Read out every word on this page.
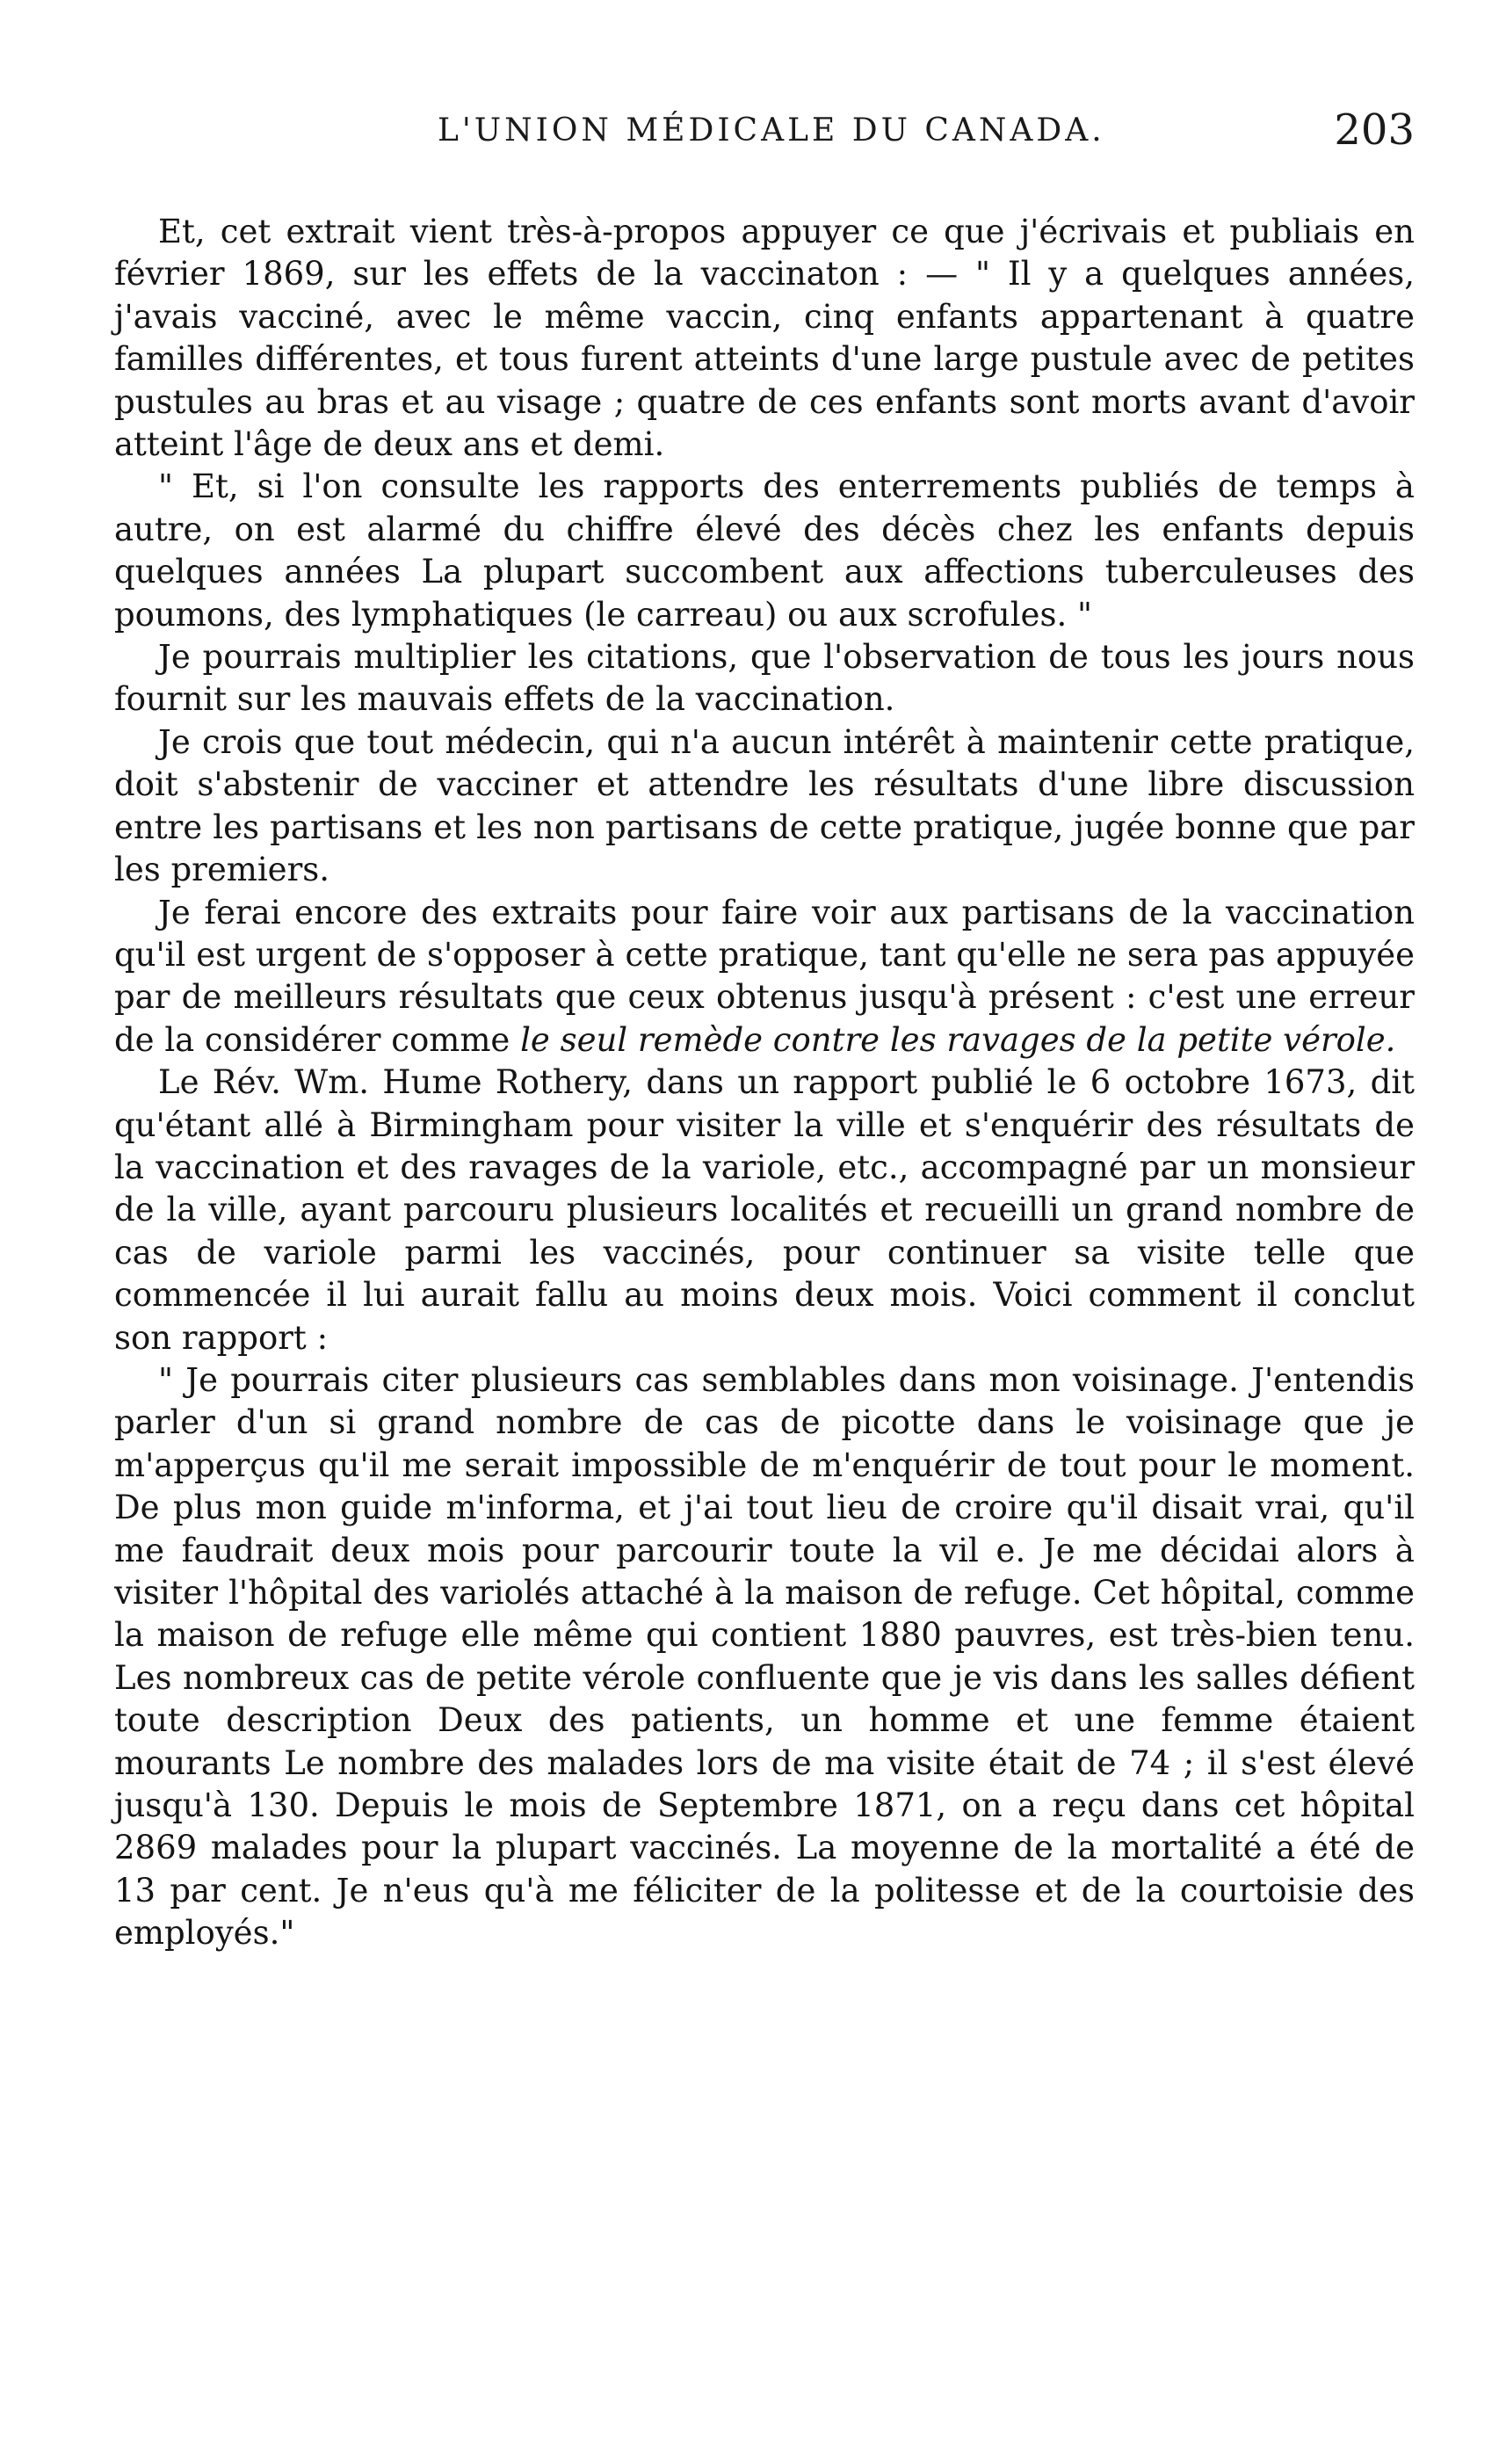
L'UNION MÉDICALE DU CANADA.	203

Et, cet extrait vient très-à-propos appuyer ce que j'écrivais et publiais en février 1869, sur les effets de la vaccinaton : — " Il y a quelques années, j'avais vacciné, avec le même vaccin, cinq enfants appartenant à quatre familles différentes, et tous furent atteints d'une large pustule avec de petites pustules au bras et au visage ; quatre de ces enfants sont morts avant d'avoir atteint l'âge de deux ans et demi.

" Et, si l'on consulte les rapports des enterrements publiés de temps à autre, on est alarmé du chiffre élevé des décès chez les enfants depuis quelques années La plupart succombent aux affections tuberculeuses des poumons, des lymphatiques (le carreau) ou aux scrofules. "

Je pourrais multiplier les citations, que l'observation de tous les jours nous fournit sur les mauvais effets de la vaccination.

Je crois que tout médecin, qui n'a aucun intérêt à maintenir cette pratique, doit s'abstenir de vacciner et attendre les résultats d'une libre discussion entre les partisans et les non partisans de cette pratique, jugée bonne que par les premiers.

Je ferai encore des extraits pour faire voir aux partisans de la vaccination qu'il est urgent de s'opposer à cette pratique, tant qu'elle ne sera pas appuyée par de meilleurs résultats que ceux obtenus jusqu'à présent : c'est une erreur de la considérer comme le seul remède contre les ravages de la petite vérole.

Le Rév. Wm. Hume Rothery, dans un rapport publié le 6 octobre 1673, dit qu'étant allé à Birmingham pour visiter la ville et s'enquérir des résultats de la vaccination et des ravages de la variole, etc., accompagné par un monsieur de la ville, ayant parcouru plusieurs localités et recueilli un grand nombre de cas de variole parmi les vaccinés, pour continuer sa visite telle que commencée il lui aurait fallu au moins deux mois. Voici comment il conclut son rapport :

" Je pourrais citer plusieurs cas semblables dans mon voisinage. J'entendis parler d'un si grand nombre de cas de picotte dans le voisinage que je m'apperçus qu'il me serait impossible de m'enquérir de tout pour le moment. De plus mon guide m'informa, et j'ai tout lieu de croire qu'il disait vrai, qu'il me faudrait deux mois pour parcourir toute la vil e. Je me décidai alors à visiter l'hôpital des variolés attaché à la maison de refuge. Cet hôpital, comme la maison de refuge elle même qui contient 1880 pauvres, est très-bien tenu. Les nombreux cas de petite vérole confluente que je vis dans les salles défient toute description Deux des patients, un homme et une femme étaient mourants Le nombre des malades lors de ma visite était de 74 ; il s'est élevé jusqu'à 130. Depuis le mois de Septembre 1871, on a reçu dans cet hôpital 2869 malades pour la plupart vaccinés. La moyenne de la mortalité a été de 13 par cent. Je n'eus qu'à me féliciter de la politesse et de la courtoisie des employés."
